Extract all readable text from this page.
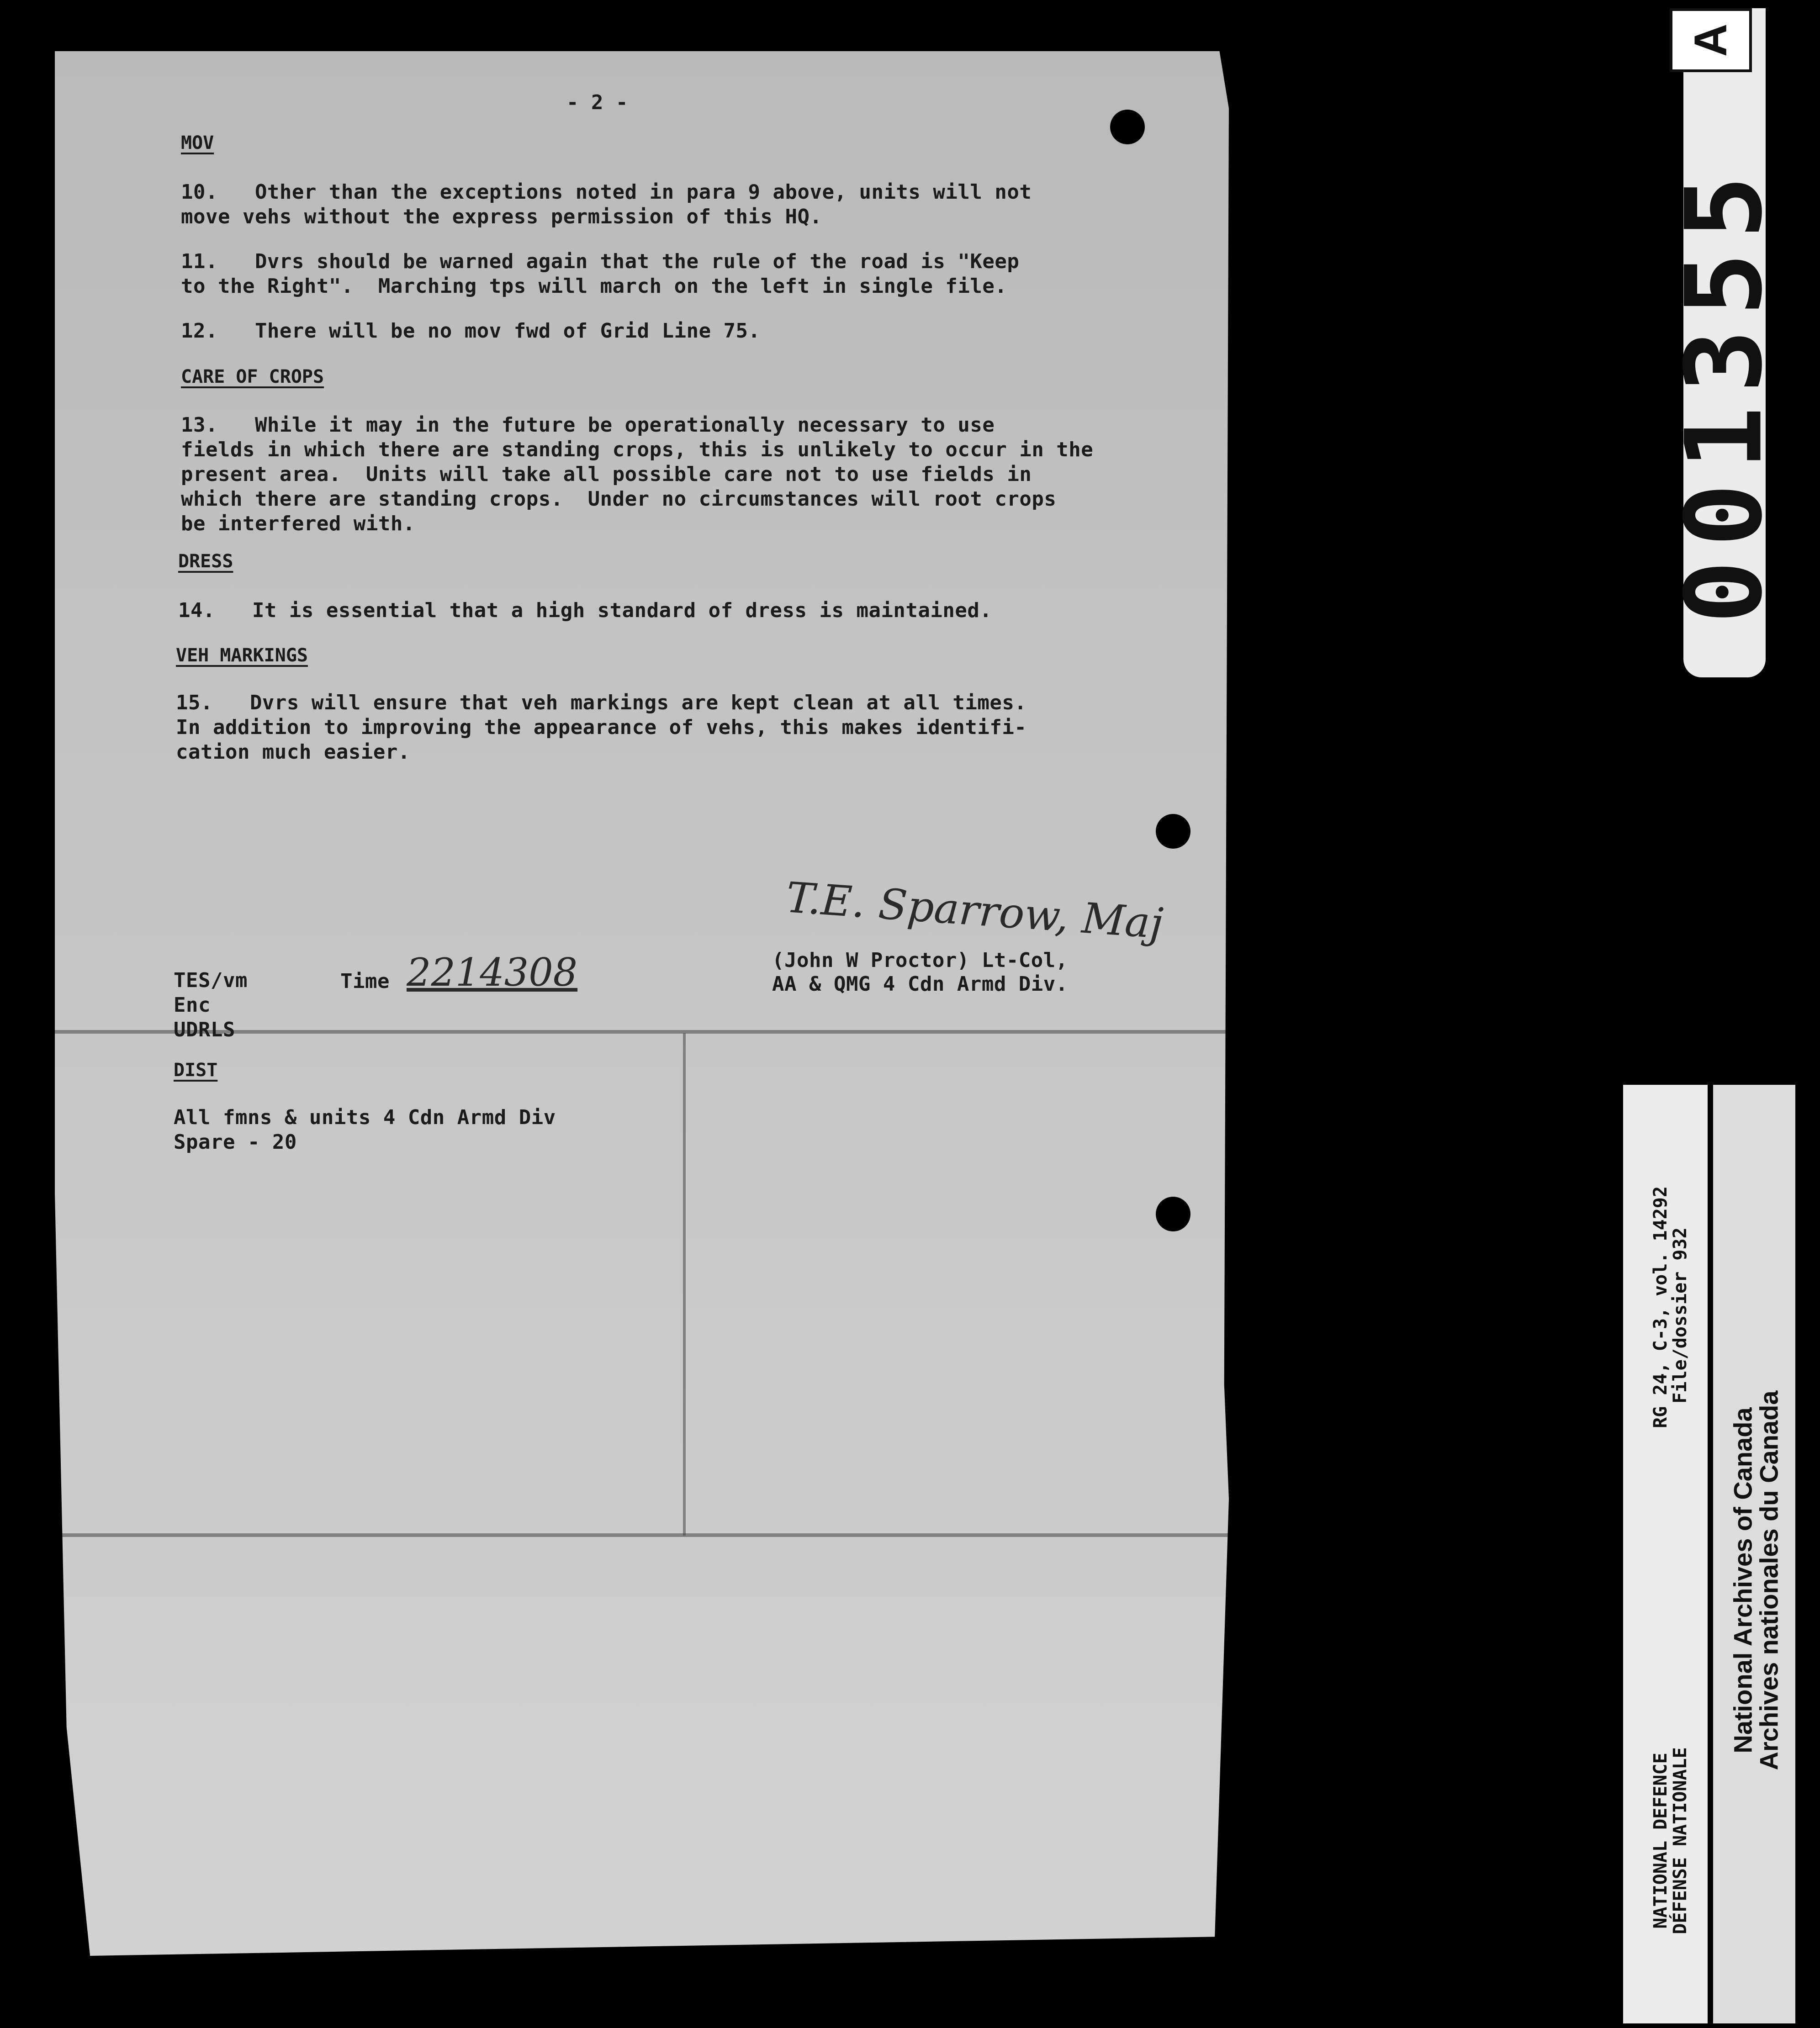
- 2 -
MOV
10.   Other than the exceptions noted in para 9 above, units will not
move vehs without the express permission of this HQ.
11.   Dvrs should be warned again that the rule of the road is "Keep
to the Right".  Marching tps will march on the left in single file.
12.   There will be no mov fwd of Grid Line 75.
CARE OF CROPS
13.   While it may in the future be operationally necessary to use
fields in which there are standing crops, this is unlikely to occur in the
present area.  Units will take all possible care not to use fields in
which there are standing crops.  Under no circumstances will root crops
be interfered with.
DRESS
14.   It is essential that a high standard of dress is maintained.
VEH MARKINGS
15.   Dvrs will ensure that veh markings are kept clean at all times.
In addition to improving the appearance of vehs, this makes identifi-
cation much easier.
T.E. Sparrow, Maj
(John W Proctor) Lt-Col,
AA & QMG 4 Cdn Armd Div.
TES/vm
Enc
UDRLS
Time 2214308
DIST
All fmns & units 4 Cdn Armd Div
Spare - 20
A
001355
NATIONAL DEFENCE
DÉFENSE NATIONALE
RG 24, C-3, vol. 14292
File/dossier 932
National Archives of Canada
Archives nationales du Canada
